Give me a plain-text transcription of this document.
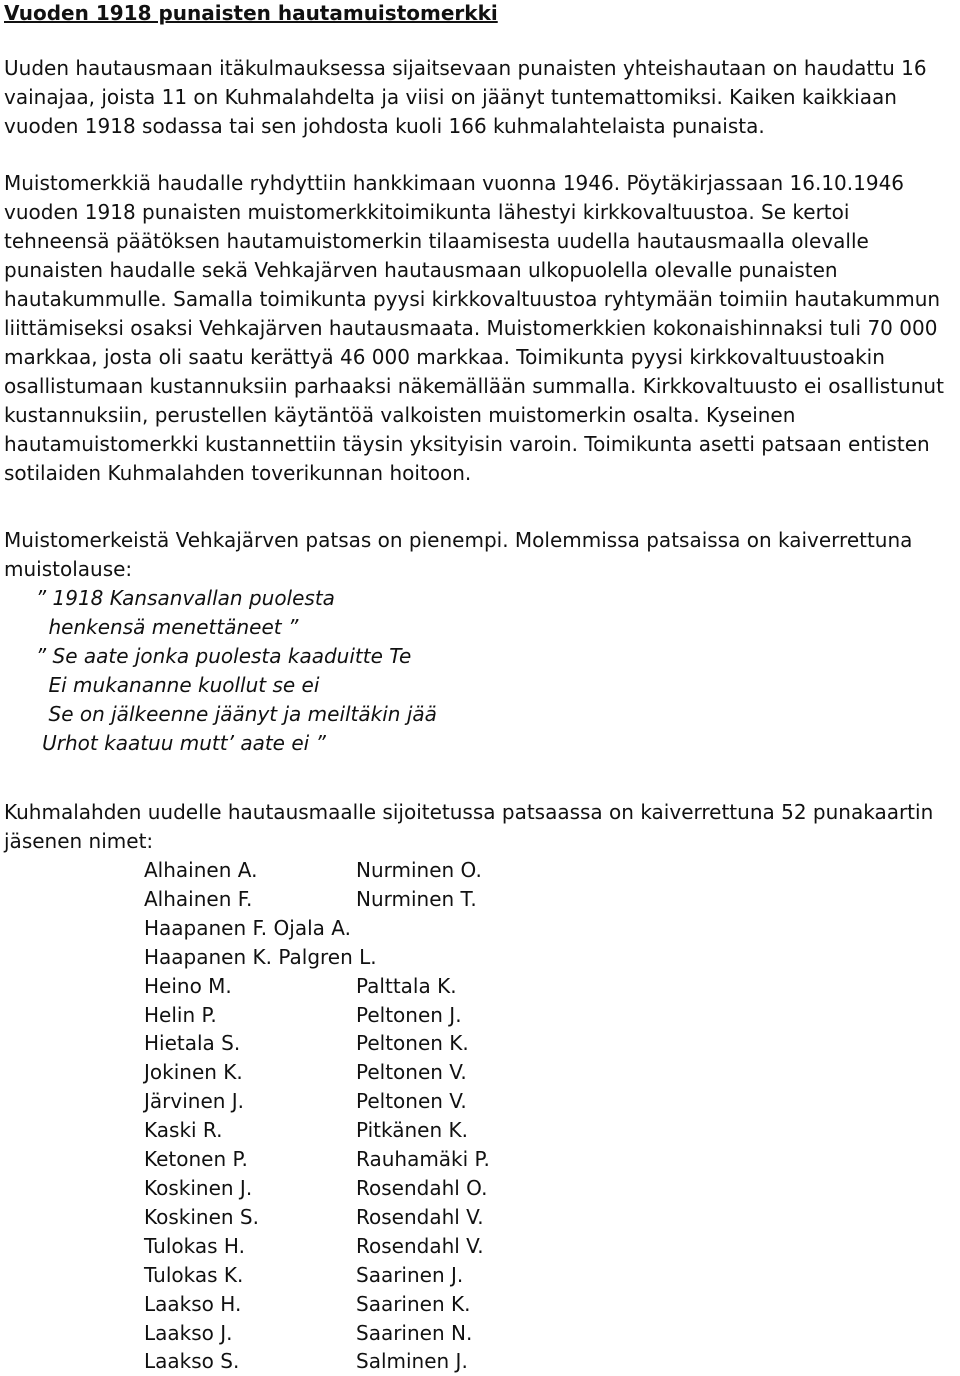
Vuoden 1918 punaisten hautamuistomerkki

Uuden hautausmaan itäkulmauksessa sijaitsevaan punaisten yhteishautaan on haudattu 16 vainajaa, joista 11 on Kuhmalahdelta ja viisi on jäänyt tuntemattomiksi. Kaiken kaikkiaan vuoden 1918 sodassa tai sen johdosta kuoli 166 kuhmalahtelaista punaista.

Muistomerkkiä haudalle ryhdyttiin hankkimaan vuonna 1946. Pöytäkirjassaan 16.10.1946 vuoden 1918 punaisten muistomerkkitoimikunta lähestyi kirkkovaltuustoa. Se kertoi tehneensä päätöksen hautamuistomerkin tilaamisesta uudella hautausmaalla olevalle punaisten haudalle sekä Vehkajärven hautausmaan ulkopuolella olevalle punaisten hautakummulle. Samalla toimikunta pyysi kirkkovaltuustoa ryhtymään toimiin hautakummun liittämiseksi osaksi Vehkajärven hautausmaata. Muistomerkkien kokonaishinnaksi tuli 70 000 markkaa, josta oli saatu kerättyä 46 000 markkaa. Toimikunta pyysi kirkkovaltuustoakin osallistumaan kustannuksiin parhaaksi näkemällään summalla. Kirkkovaltuusto ei osallistunut kustannuksiin, perustellen käytäntöä valkoisten muistomerkin osalta. Kyseinen hautamuistomerkki kustannettiin täysin yksityisin varoin. Toimikunta asetti patsaan entisten sotilaiden Kuhmalahden toverikunnan hoitoon.

Muistomerkeistä Vehkajärven patsas on pienempi. Molemmissa patsaissa on kaiverrettuna muistolause:

” 1918 Kansanvallan puolesta
henkensä menettäneet ”
” Se aate jonka puolesta kaaduitte Te
Ei mukananne kuollut se ei
Se on jälkeenne jäänyt ja meiltäkin jää
Urhot kaatuu mutt’ aate ei ”

Kuhmalahden uudelle hautausmaalle sijoitetussa patsaassa on kaiverrettuna 52 punakaartin jäsenen nimet:

Alhainen A.	Nurminen O.
Alhainen F.	Nurminen T.
Haapanen F. Ojala A.
Haapanen K. Palgren L.
Heino M.	Palttala K.
Helin P.	Peltonen J.
Hietala S.	Peltonen K.
Jokinen K.	Peltonen V.
Järvinen J.	Peltonen V.
Kaski R.	Pitkänen K.
Ketonen P.	Rauhamäki P.
Koskinen J.	Rosendahl O.
Koskinen S.	Rosendahl V.
Tulokas H.	Rosendahl V.
Tulokas K.	Saarinen J.
Laakso H.	Saarinen K.
Laakso J.	Saarinen N.
Laakso S.	Salminen J.
